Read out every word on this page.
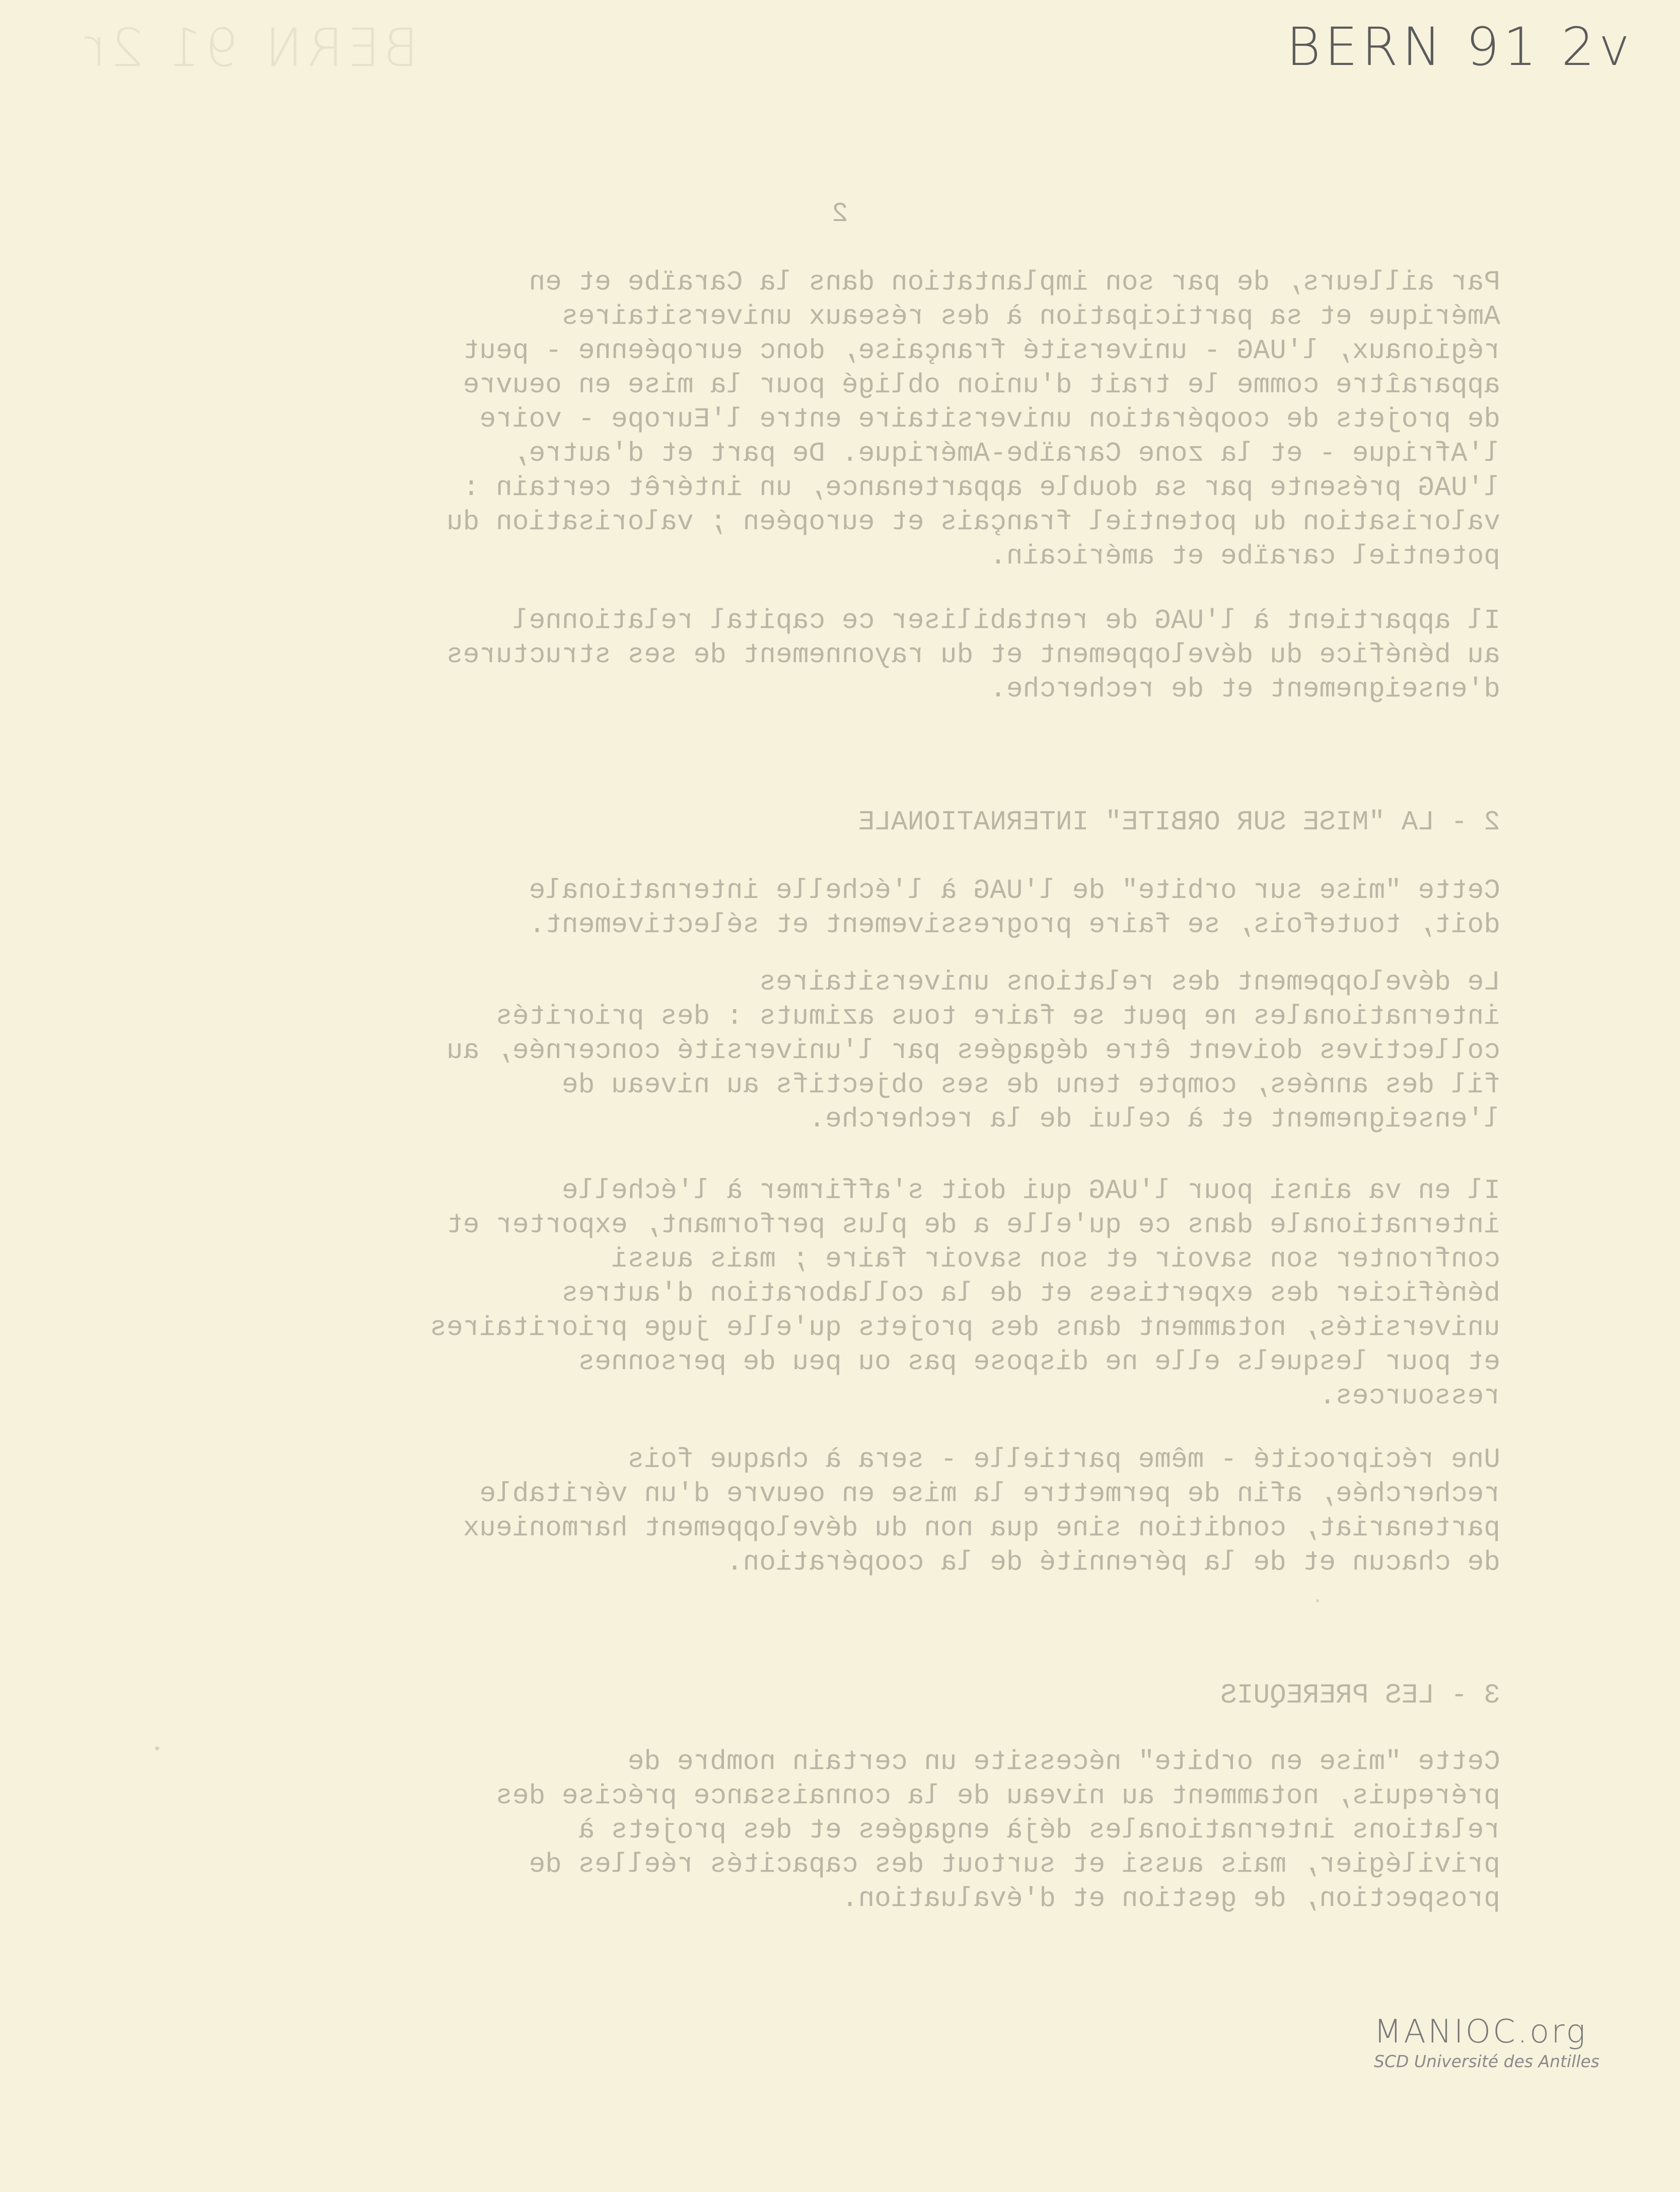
BERN 91 2r	BERN 91 2v
2
Par ailleurs, de par son implantation dans la Caraïbe et en
Amérique et sa participation à des réseaux universitaires
régionaux, l'UAG - université française, donc européenne - peut
apparaître comme le trait d'union obligé pour la mise en oeuvre
de projets de coopération universitaire entre l'Europe - voire
l'Afrique - et la zone Caraïbe-Amérique. De part et d'autre,
l'UAG présente par sa double appartenance, un intérêt certain :
valorisation du potentiel français et européen ; valorisation du
potentiel caraïbe et américain.
Il appartient à l'UAG de rentabiliser ce capital relationnel
au bénéfice du développement et du rayonnement de ses structures
d'enseignement et de recherche.
2 - LA "MISE SUR ORBITE" INTERNATIONALE
Cette "mise sur orbite" de l'UAG à l'échelle internationale
doit, toutefois, se faire progressivement et sélectivement.
Le développement des relations universitaires
internationales ne peut se faire tous azimuts : des priorités
collectives doivent être dégagées par l'université concernée, au
fil des années, compte tenu de ses objectifs au niveau de
l'enseignement et à celui de la recherche.
Il en va ainsi pour l'UAG qui doit s'affirmer à l'échelle
internationale dans ce qu'elle a de plus performant, exporter et
confronter son savoir et son savoir faire ; mais aussi
bénéficier des expertises et de la collaboration d'autres
universités, notamment dans des projets qu'elle juge prioritaires
et pour lesquels elle ne dispose pas ou peu de personnes
ressources.
Une réciprocité - même partielle - sera à chaque fois
recherchée, afin de permettre la mise en oeuvre d'un véritable
partenariat, condition sine qua non du développement harmonieux
de chacun et de la pérennité de la coopération.
3 - LES PREREQUIS
Cette "mise en orbite" nécessite un certain nombre de
prérequis, notamment au niveau de la connaissance précise des
relations internationales déjà engagées et des projets à
privilégier, mais aussi et surtout des capacités réelles de
prospection, de gestion et d'évaluation.
MANIOC.org
SCD Université des Antilles
